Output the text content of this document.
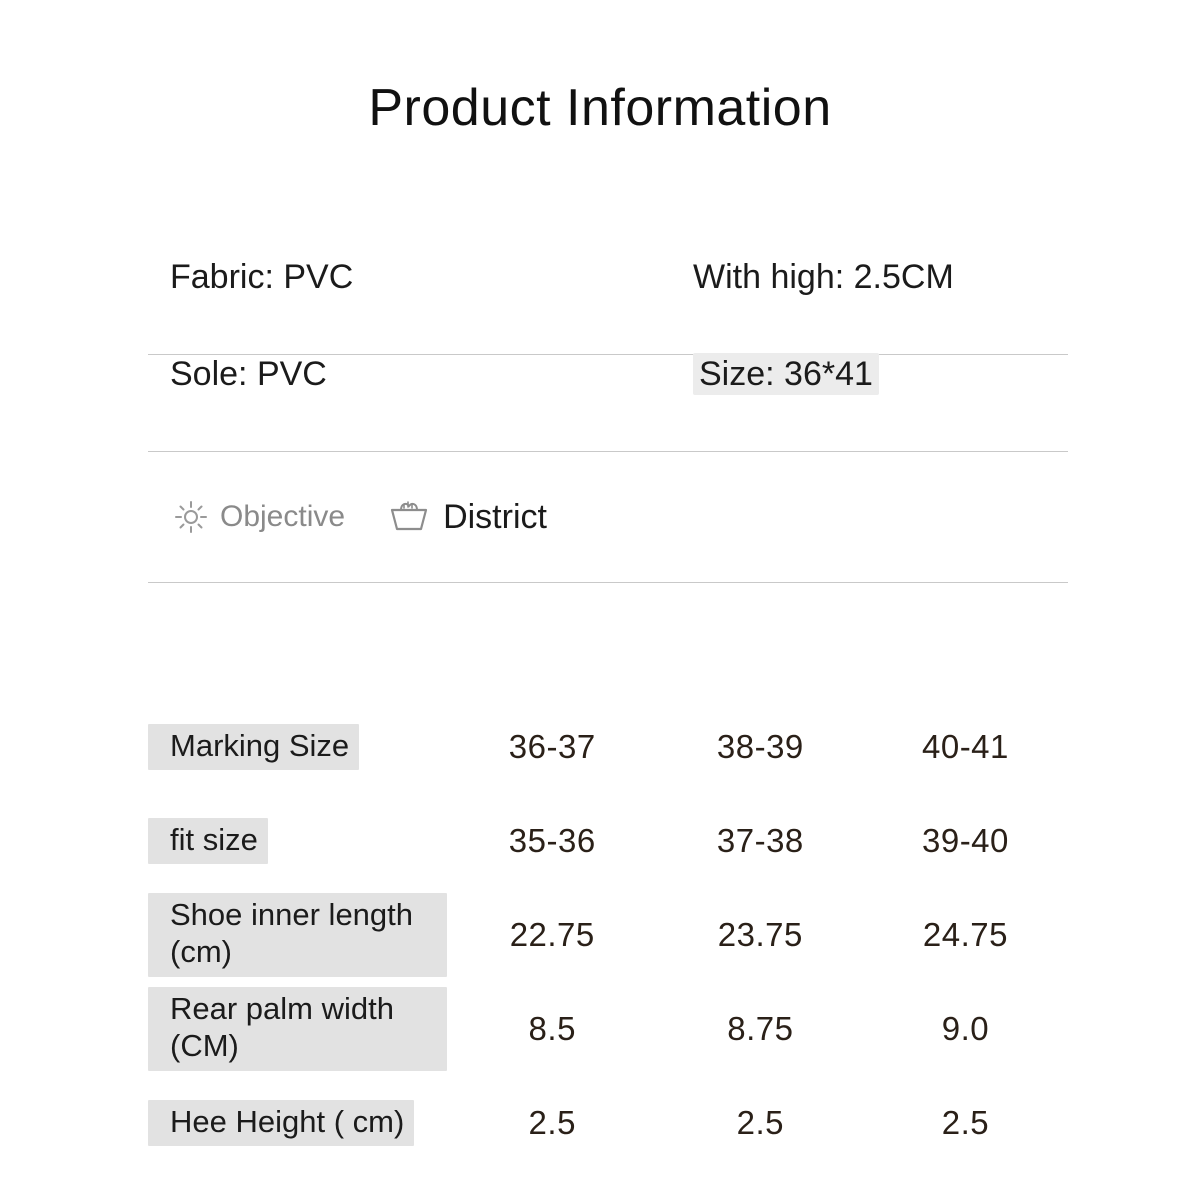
Product Information
Fabric: PVC	With high: 2.5CM
Sole: PVC	Size: 36*41
Objective	District
Marking Size	36-37	38-39	40-41
fit size	35-36	37-38	39-40
Shoe inner length (cm)	22.75	23.75	24.75
Rear palm width (CM)	8.5	8.75	9.0
Hee Height ( cm)	2.5	2.5	2.5
